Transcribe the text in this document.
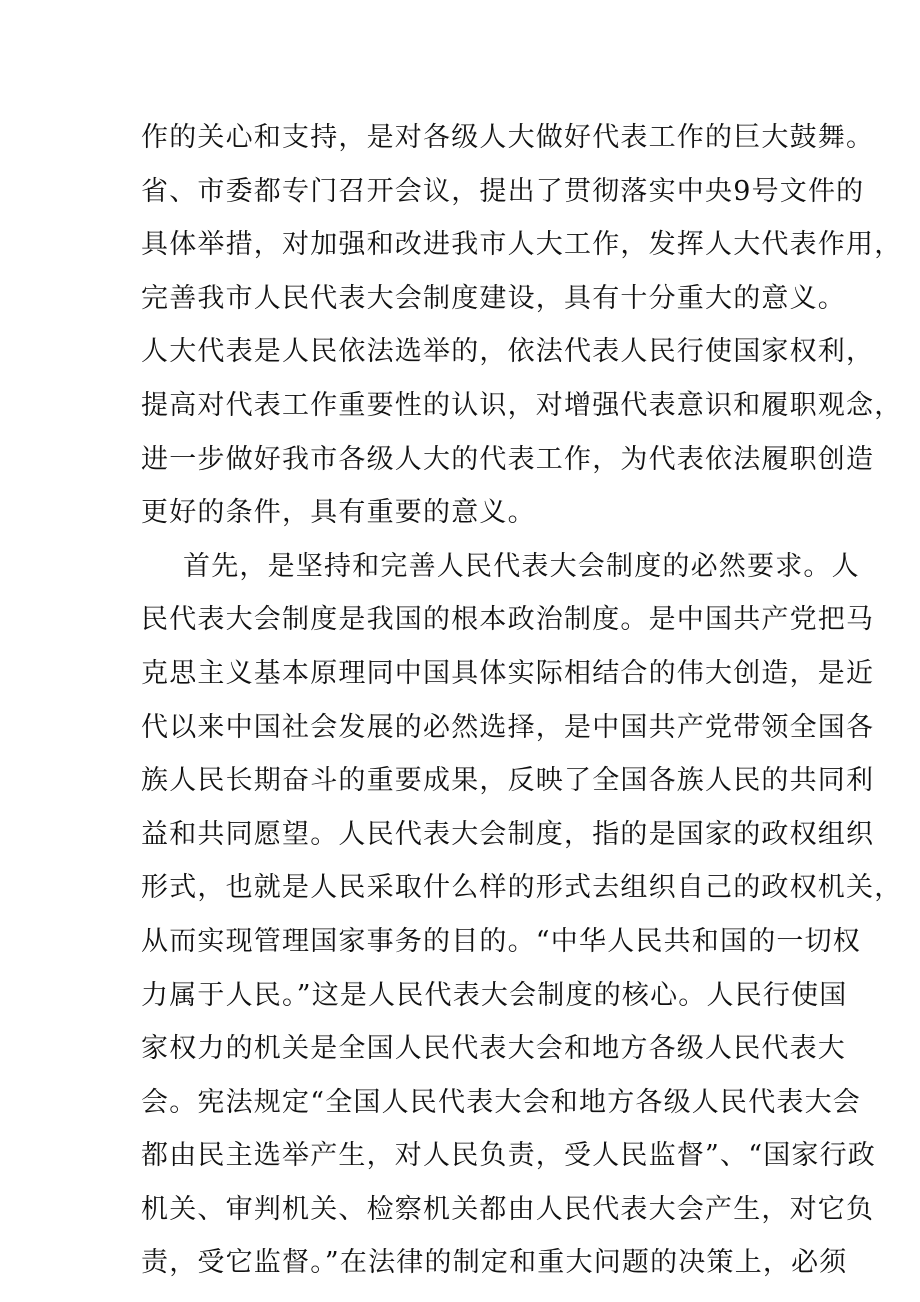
作的关心和支持，是对各级人大做好代表工作的巨大鼓舞。
省、市委都专门召开会议，提出了贯彻落实中央9号文件的
具体举措，对加强和改进我市人大工作，发挥人大代表作用，
完善我市人民代表大会制度建设，具有十分重大的意义。
人大代表是人民依法选举的，依法代表人民行使国家权利，
提高对代表工作重要性的认识，对增强代表意识和履职观念，
进一步做好我市各级人大的代表工作，为代表依法履职创造
更好的条件，具有重要的意义。
首先，是坚持和完善人民代表大会制度的必然要求。人
民代表大会制度是我国的根本政治制度。是中国共产党把马
克思主义基本原理同中国具体实际相结合的伟大创造，是近
代以来中国社会发展的必然选择，是中国共产党带领全国各
族人民长期奋斗的重要成果，反映了全国各族人民的共同利
益和共同愿望。人民代表大会制度，指的是国家的政权组织
形式，也就是人民采取什么样的形式去组织自己的政权机关，
从而实现管理国家事务的目的。“中华人民共和国的一切权
力属于人民。”这是人民代表大会制度的核心。人民行使国
家权力的机关是全国人民代表大会和地方各级人民代表大
会。宪法规定“全国人民代表大会和地方各级人民代表大会
都由民主选举产生，对人民负责，受人民监督”、“国家行政
机关、审判机关、检察机关都由人民代表大会产生，对它负
责，受它监督。”在法律的制定和重大问题的决策上，必须
